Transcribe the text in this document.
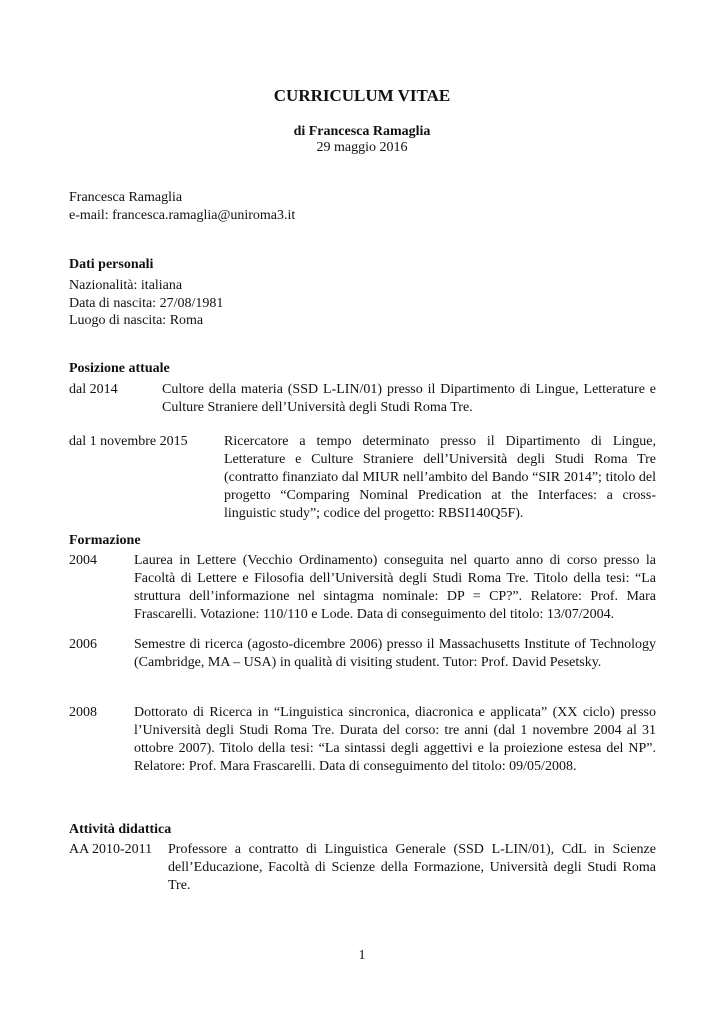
CURRICULUM VITAE
di Francesca Ramaglia
29 maggio 2016
Francesca Ramaglia
e-mail: francesca.ramaglia@uniroma3.it
Dati personali
Nazionalità: italiana
Data di nascita: 27/08/1981
Luogo di nascita: Roma
Posizione attuale
dal 2014	Cultore della materia (SSD L-LIN/01) presso il Dipartimento di Lingue, Letterature e Culture Straniere dell’Università degli Studi Roma Tre.
dal 1 novembre 2015	Ricercatore a tempo determinato presso il Dipartimento di Lingue, Letterature e Culture Straniere dell’Università degli Studi Roma Tre (contratto finanziato dal MIUR nell’ambito del Bando “SIR 2014”; titolo del progetto “Comparing Nominal Predication at the Interfaces: a cross-linguistic study”; codice del progetto: RBSI140Q5F).
Formazione
2004	Laurea in Lettere (Vecchio Ordinamento) conseguita nel quarto anno di corso presso la Facoltà di Lettere e Filosofia dell’Università degli Studi Roma Tre. Titolo della tesi: “La struttura dell’informazione nel sintagma nominale: DP = CP?”. Relatore: Prof. Mara Frascarelli. Votazione: 110/110 e Lode. Data di conseguimento del titolo: 13/07/2004.
2006	Semestre di ricerca (agosto-dicembre 2006) presso il Massachusetts Institute of Technology (Cambridge, MA – USA) in qualità di visiting student. Tutor: Prof. David Pesetsky.
2008	Dottorato di Ricerca in “Linguistica sincronica, diacronica e applicata” (XX ciclo) presso l’Università degli Studi Roma Tre. Durata del corso: tre anni (dal 1 novembre 2004 al 31 ottobre 2007). Titolo della tesi: “La sintassi degli aggettivi e la proiezione estesa del NP”. Relatore: Prof. Mara Frascarelli. Data di conseguimento del titolo: 09/05/2008.
Attività didattica
AA 2010-2011 Professore a contratto di Linguistica Generale (SSD L-LIN/01), CdL in Scienze dell’Educazione, Facoltà di Scienze della Formazione, Università degli Studi Roma Tre.
1
